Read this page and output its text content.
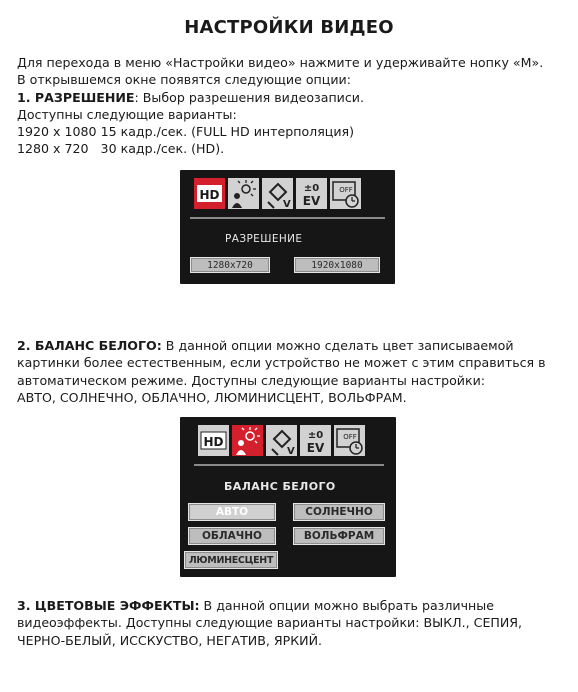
НАСТРОЙКИ ВИДЕО
Для перехода в меню «Настройки видео» нажмите и удерживайте нопку «M».
В открывшемся окне появятся следующие опции:
1. РАЗРЕШЕНИЕ: Выбор разрешения видеозаписи.
Доступны следующие варианты:
1920 x 1080 15 кадр./сек. (FULL HD интерполяция)
1280 x 720   30 кадр./сек. (HD).
HD
V
±0
EV
OFF
РАЗРЕШЕНИЕ
1280x720	1920x1080
2. БАЛАНС БЕЛОГО: В данной опции можно сделать цвет записываемой
картинки более естественным, если устройство не может с этим справиться в
автоматическом режиме. Доступны следующие варианты настройки:
АВТО, СОЛНЕЧНО, ОБЛАЧНО, ЛЮМИНИСЦЕНТ, ВОЛЬФРАМ.
HD
V
±0
EV
OFF
БАЛАНС БЕЛОГО
АВТО	СОЛНЕЧНО
ОБЛАЧНО	ВОЛЬФРАМ
ЛЮМИНЕСЦЕНТ
3. ЦВЕТОВЫЕ ЭФФЕКТЫ: В данной опции можно выбрать различные
видеоэффекты. Доступны следующие варианты настройки: ВЫКЛ., СЕПИЯ,
ЧЕРНО-БЕЛЫЙ, ИССКУСТВО, НЕГАТИВ, ЯРКИЙ.
